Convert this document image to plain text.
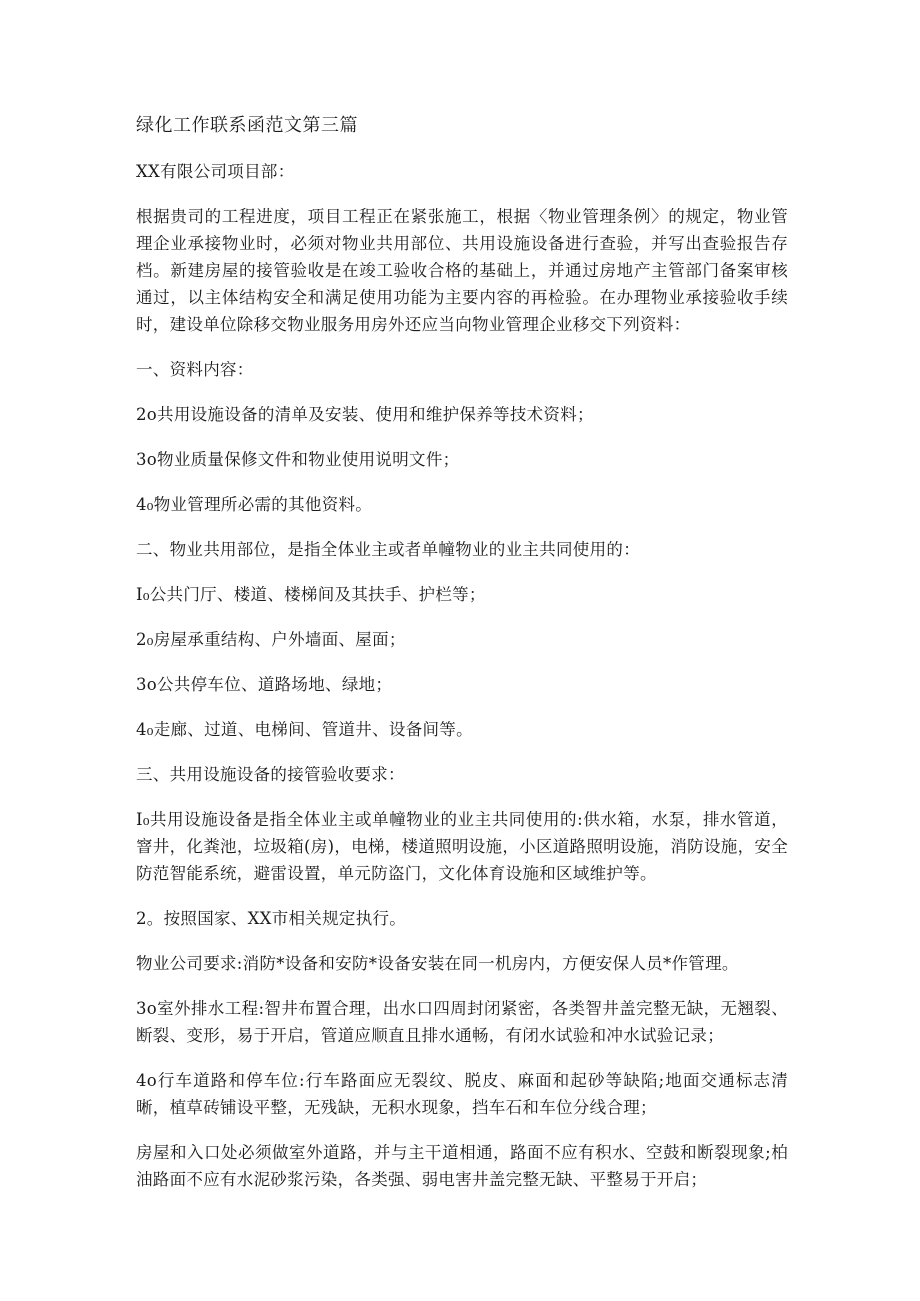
绿化工作联系函范文第三篇

XX有限公司项目部：

根据贵司的工程进度，项目工程正在紧张施工，根据〈物业管理条例〉的规定，物业管理企业承接物业时，必须对物业共用部位、共用设施设备进行查验，并写出查验报告存档。新建房屋的接管验收是在竣工验收合格的基础上，并通过房地产主管部门备案审核通过，以主体结构安全和满足使用功能为主要内容的再检验。在办理物业承接验收手续时，建设单位除移交物业服务用房外还应当向物业管理企业移交下列资料：

一、资料内容：

2o共用设施设备的清单及安装、使用和维护保养等技术资料；

3o物业质量保修文件和物业使用说明文件；

4₀物业管理所必需的其他资料。

二、物业共用部位，是指全体业主或者单幢物业的业主共同使用的：

I₀公共门厅、楼道、楼梯间及其扶手、护栏等；

2₀房屋承重结构、户外墙面、屋面；

3o公共停车位、道路场地、绿地；

4₀走廊、过道、电梯间、管道井、设备间等。

三、共用设施设备的接管验收要求：

I₀共用设施设备是指全体业主或单幢物业的业主共同使用的:供水箱，水泵，排水管道，窨井，化粪池，垃圾箱(房)，电梯，楼道照明设施，小区道路照明设施，消防设施，安全防范智能系统，避雷设置，单元防盗门，文化体育设施和区域维护等。

2。按照国家、XX市相关规定执行。

物业公司要求:消防*设备和安防*设备安装在同一机房内，方便安保人员*作管理。

3o室外排水工程:智井布置合理，出水口四周封闭紧密，各类智井盖完整无缺，无翘裂、断裂、变形，易于开启，管道应顺直且排水通畅，有闭水试验和冲水试验记录；

4o行车道路和停车位:行车路面应无裂纹、脱皮、麻面和起砂等缺陷;地面交通标志清晰，植草砖铺设平整，无残缺，无积水现象，挡车石和车位分线合理；

房屋和入口处必须做室外道路，并与主干道相通，路面不应有积水、空鼓和断裂现象;柏油路面不应有水泥砂浆污染，各类强、弱电害井盖完整无缺、平整易于开启；
